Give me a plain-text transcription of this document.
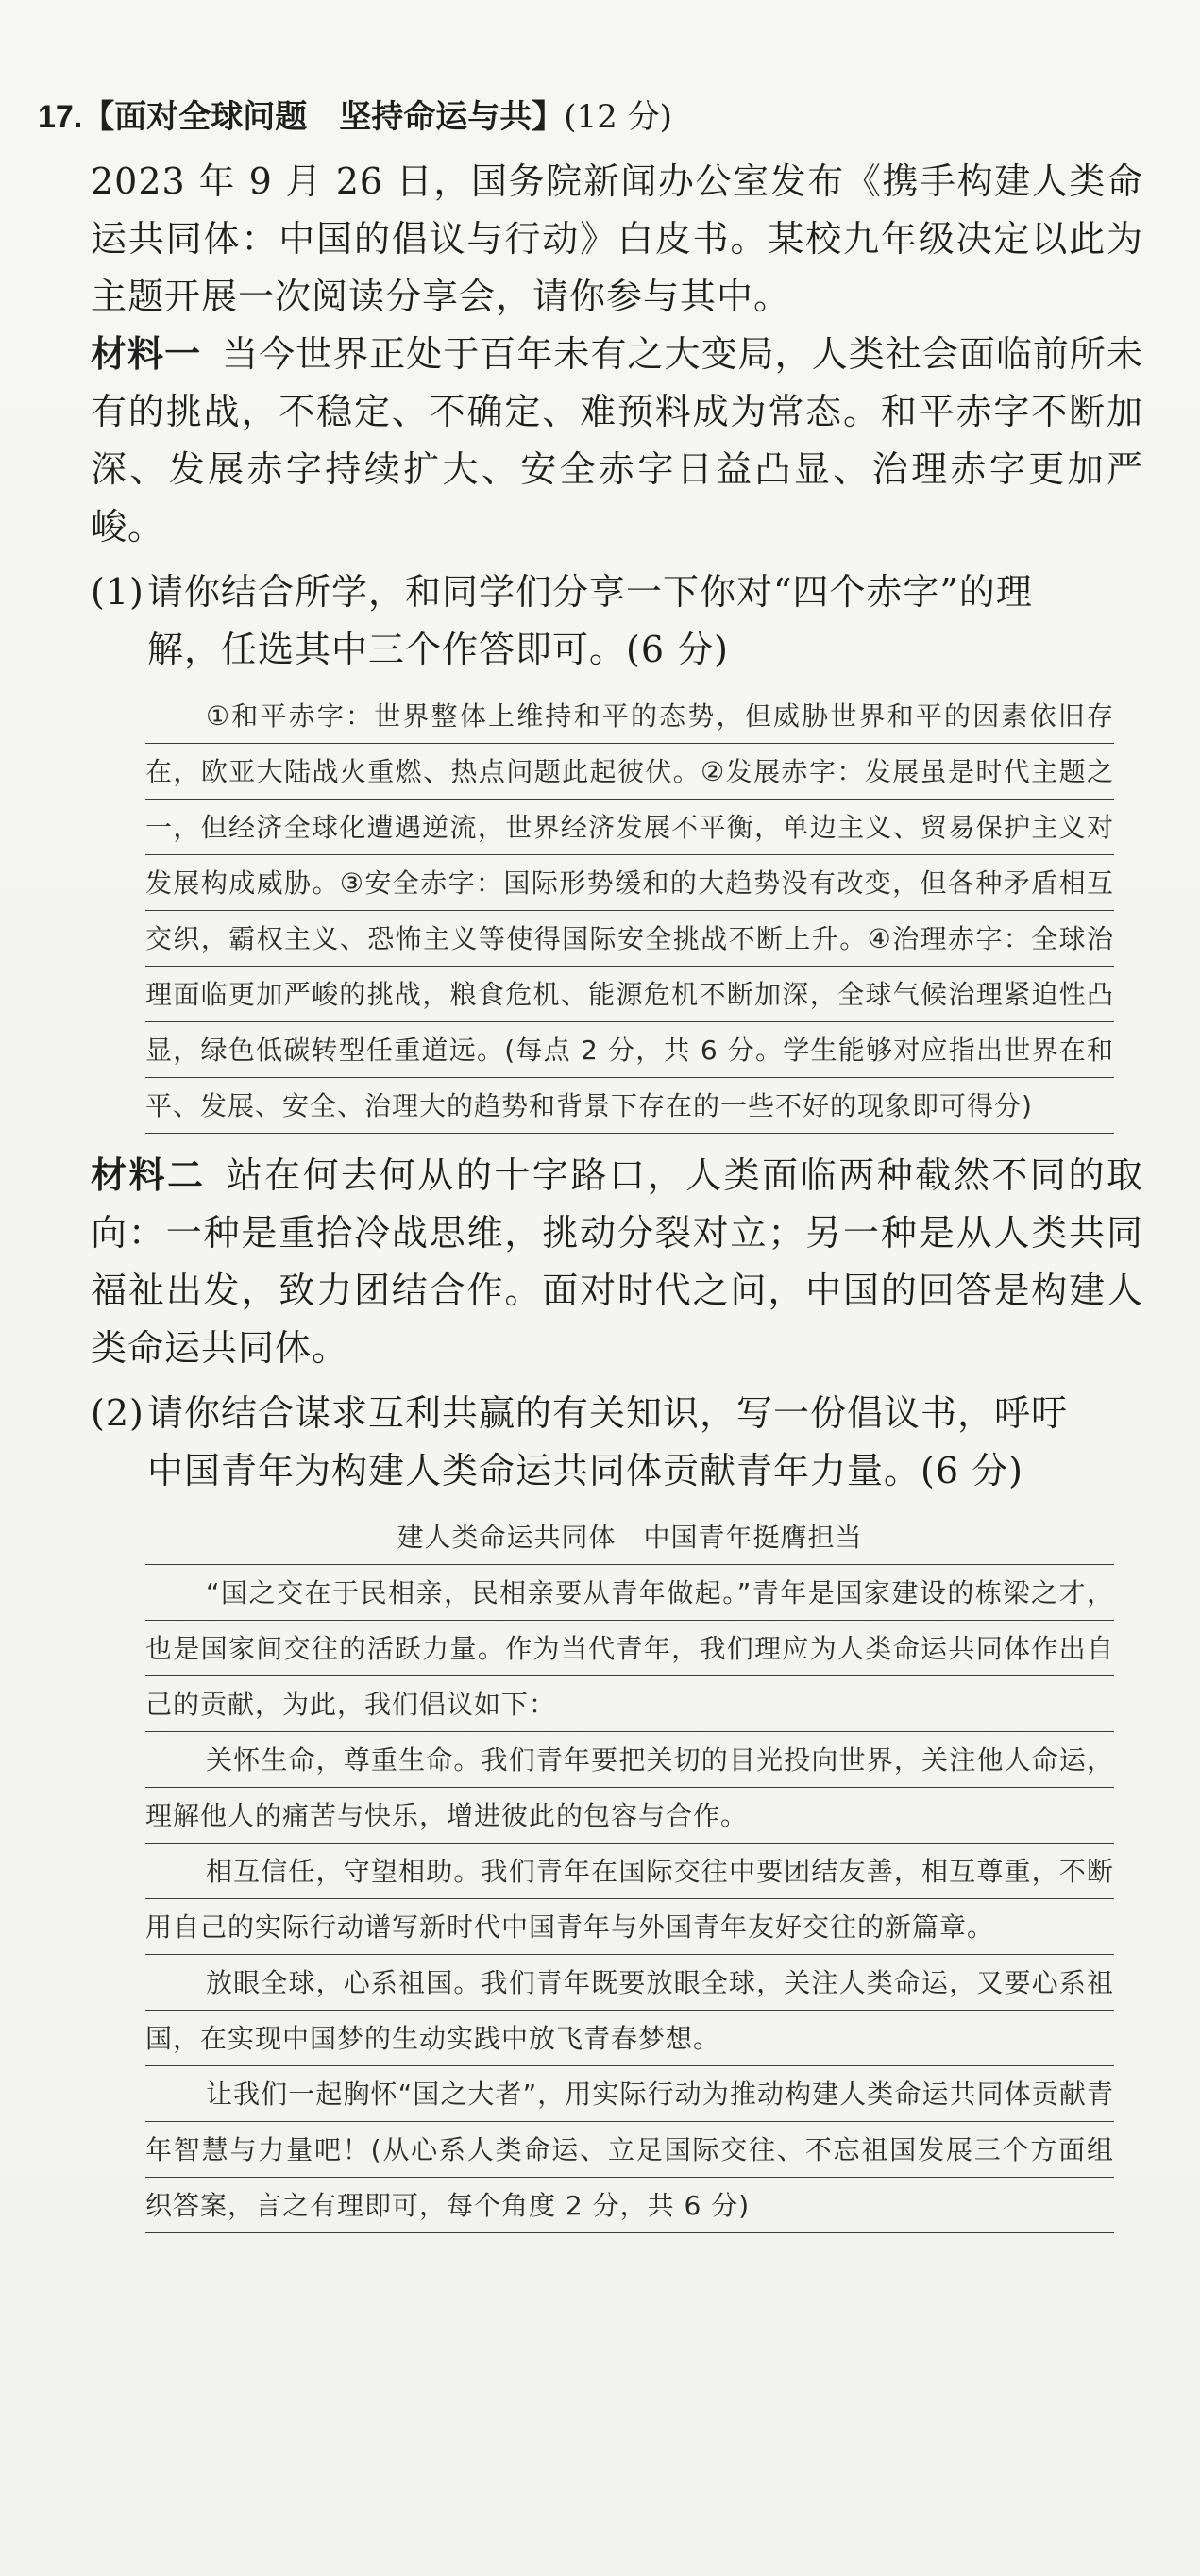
17.【面对全球问题　坚持命运与共】(12 分)

2023 年 9 月 26 日，国务院新闻办公室发布《携手构建人类命运共同体：中国的倡议与行动》白皮书。某校九年级决定以此为主题开展一次阅读分享会，请你参与其中。

材料一 当今世界正处于百年未有之大变局，人类社会面临前所未有的挑战，不稳定、不确定、难预料成为常态。和平赤字不断加深、发展赤字持续扩大、安全赤字日益凸显、治理赤字更加严峻。

(1)请你结合所学，和同学们分享一下你对“四个赤字”的理
解，任选其中三个作答即可。(6 分)

①和平赤字：世界整体上维持和平的态势，但威胁世界和平的因素依旧存在，欧亚大陆战火重燃、热点问题此起彼伏。②发展赤字：发展虽是时代主题之一，但经济全球化遭遇逆流，世界经济发展不平衡，单边主义、贸易保护主义对发展构成威胁。③安全赤字：国际形势缓和的大趋势没有改变，但各种矛盾相互交织，霸权主义、恐怖主义等使得国际安全挑战不断上升。④治理赤字：全球治理面临更加严峻的挑战，粮食危机、能源危机不断加深，全球气候治理紧迫性凸显，绿色低碳转型任重道远。(每点 2 分，共 6 分。学生能够对应指出世界在和平、发展、安全、治理大的趋势和背景下存在的一些不好的现象即可得分)

材料二 站在何去何从的十字路口，人类面临两种截然不同的取向：一种是重拾冷战思维，挑动分裂对立；另一种是从人类共同福祉出发，致力团结合作。面对时代之问，中国的回答是构建人类命运共同体。

(2)请你结合谋求互利共赢的有关知识，写一份倡议书，呼吁
中国青年为构建人类命运共同体贡献青年力量。(6 分)

建人类命运共同体　中国青年挺膺担当

“国之交在于民相亲，民相亲要从青年做起。”青年是国家建设的栋梁之才，也是国家间交往的活跃力量。作为当代青年，我们理应为人类命运共同体作出自己的贡献，为此，我们倡议如下：

关怀生命，尊重生命。我们青年要把关切的目光投向世界，关注他人命运，理解他人的痛苦与快乐，增进彼此的包容与合作。

相互信任，守望相助。我们青年在国际交往中要团结友善，相互尊重，不断用自己的实际行动谱写新时代中国青年与外国青年友好交往的新篇章。

放眼全球，心系祖国。我们青年既要放眼全球，关注人类命运，又要心系祖国，在实现中国梦的生动实践中放飞青春梦想。

让我们一起胸怀“国之大者”，用实际行动为推动构建人类命运共同体贡献青年智慧与力量吧！(从心系人类命运、立足国际交往、不忘祖国发展三个方面组织答案，言之有理即可，每个角度 2 分，共 6 分)
